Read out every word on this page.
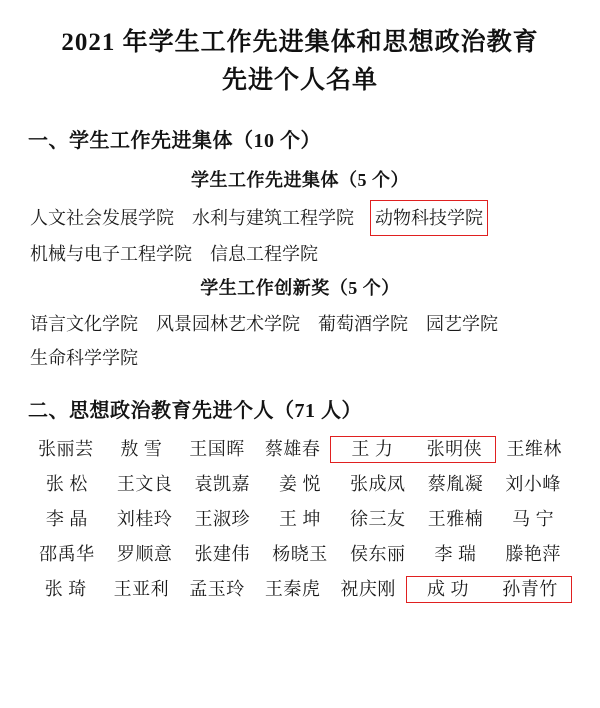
2021 年学生工作先进集体和思想政治教育
先进个人名单
一、学生工作先进集体（10 个）
学生工作先进集体（5 个）
人文社会发展学院 水利与建筑工程学院 动物科技学院
机械与电子工程学院 信息工程学院
学生工作创新奖（5 个）
语言文化学院 风景园林艺术学院 葡萄酒学院 园艺学院
生命科学学院
二、思想政治教育先进个人（71 人）
张丽芸	敖 雪	王国晖	蔡雄春	王 力	张明侠	王维林
张 松	王文良	袁凯嘉	姜 悦	张成凤	蔡胤凝	刘小峰
李 晶	刘桂玲	王淑珍	王 坤	徐三友	王雅楠	马 宁
邵禹华	罗顺意	张建伟	杨晓玉	侯东丽	李 瑞	滕艳萍
张 琦	王亚利	孟玉玲	王秦虎	祝庆刚	成 功	孙青竹
